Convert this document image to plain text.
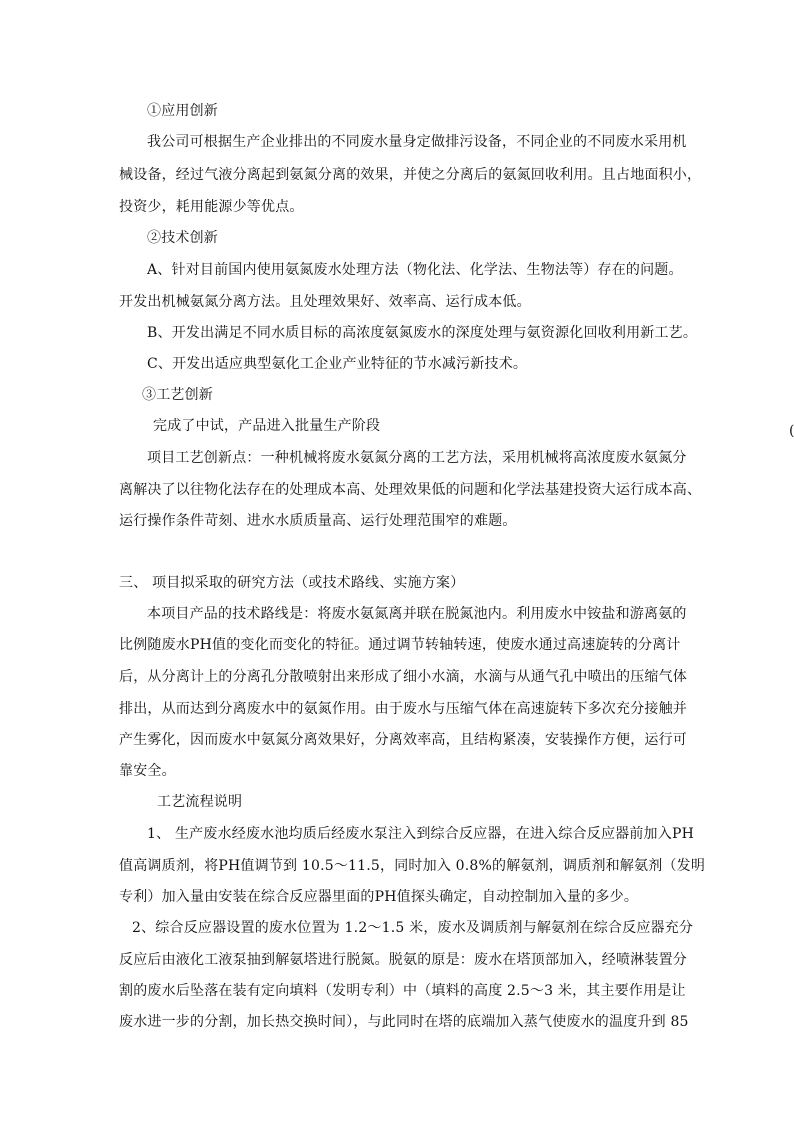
①应用创新
我公司可根据生产企业排出的不同废水量身定做排污设备，不同企业的不同废水采用机
械设备，经过气液分离起到氨氮分离的效果，并使之分离后的氨氮回收利用。且占地面积小，
投资少，耗用能源少等优点。
②技术创新
A、针对目前国内使用氨氮废水处理方法（物化法、化学法、生物法等）存在的问题。
开发出机械氨氮分离方法。且处理效果好、效率高、运行成本低。
B、开发出满足不同水质目标的高浓度氨氮废水的深度处理与氨资源化回收利用新工艺。
C、开发出适应典型氨化工企业产业特征的节水减污新技术。
③工艺创新
完成了中试，产品进入批量生产阶段
项目工艺创新点：一种机械将废水氨氮分离的工艺方法，采用机械将高浓度废水氨氮分
离解决了以往物化法存在的处理成本高、处理效果低的问题和化学法基建投资大运行成本高、
运行操作条件苛刻、进水水质质量高、运行处理范围窄的难题。
三、 项目拟采取的研究方法（或技术路线、实施方案）
本项目产品的技术路线是：将废水氨氮离并联在脱氮池内。利用废水中铵盐和游离氨的
比例随废水PH值的变化而变化的特征。通过调节转轴转速，使废水通过高速旋转的分离计
后，从分离计上的分离孔分散喷射出来形成了细小水滴，水滴与从通气孔中喷出的压缩气体
排出，从而达到分离废水中的氨氮作用。由于废水与压缩气体在高速旋转下多次充分接触并
产生雾化，因而废水中氨氮分离效果好，分离效率高，且结构紧凑，安装操作方便，运行可
靠安全。
工艺流程说明
1、 生产废水经废水池均质后经废水泵注入到综合反应器，在进入综合反应器前加入PH
值高调质剂，将PH值调节到 10.5～11.5，同时加入 0.8%的解氨剂，调质剂和解氨剂（发明
专利）加入量由安装在综合反应器里面的PH值探头确定，自动控制加入量的多少。
2、综合反应器设置的废水位置为 1.2～1.5 米，废水及调质剂与解氨剂在综合反应器充分
反应后由液化工液泵抽到解氨塔进行脱氮。脱氨的原是：废水在塔顶部加入，经喷淋装置分
割的废水后坠落在装有定向填料（发明专利）中（填料的高度 2.5～3 米，其主要作用是让
废水进一步的分割，加长热交换时间），与此同时在塔的底端加入蒸气使废水的温度升到 85
(
